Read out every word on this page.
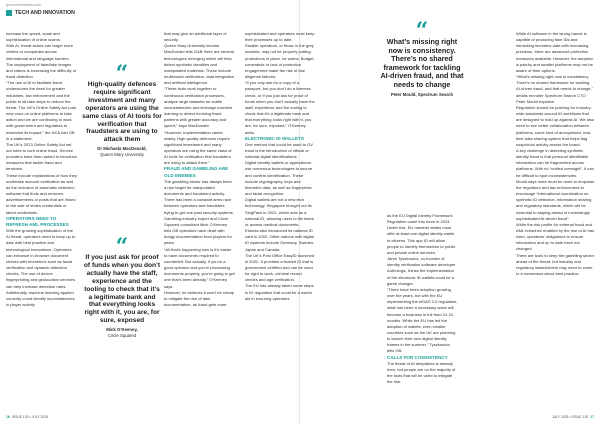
governmentnews.com
TECH AND INNOVATION

increase the speed, scale and sophistication of online scams.

With AI, threat actors can target more victims or companies across international and language barriers. The deployment of fake/fake images and videos is increasing the difficulty of fraud detection.

“The use of AI to facilitate fraud underscores the need for greater industries, law enforcement and the public to all take steps to reduce the threat. The UK’s Online Safety Act puts new onus on online platforms to take action and we are continuing to work with government and regulators to maximise its impact,” the NCA told GB in a statement.

The UK’s 2023 Online Safety Act set out rules to curb online fraud. Service providers have been asked to introduce measures that tackle fraud and terrorism.

These include explanations of how they undertake account verification as well as the inclusion of automatic detection software that finds and removes advertisements or posts that are linked to the sale of stolen credentials or faked credentials.

OPERATORS NEED TO REFRESH AML PROCESSES

With the growing sophistication of the AI threat, operators need to keep up to date with best practice and technological innovations. Operators can enhance in-browser document checks with biometrics such as facial verification and dynamic detection checks. The use of device fingerprinting and geolocation services can help increase detection rates.

Additionally, machine learning applied correctly could identify inconsistencies in player activity

“
High-quality defences require significant investment and many operators are using the same class of AI tools for verification that fraudsters are using to attack them
Dr Michaela MacDonald,
Queen Mary University
“
If you just ask for proof of funds when you don’t actually have the staff, experience and the tooling to check that it’s a legitimate bank and that everything looks right with it, you are, for sure, exposed
Mick O’Keeney,
Circle Squared

that may give an additional layer of security.

Queen Mary University lecturer MacDonald tells G&B there are several technologies emerging which will help detect synthetic identities and manipulated materials. These include multimodal verification, data integration and artificial intelligence.

“These tools work together to continuous verification processes, analyse large datasets for subtle inconsistencies and leverage machine learning to detect evolving fraud patterns with greater accuracy and speed,” says MacDonald.

“However, implementation varies widely. High-quality defences require significant investment and many operators are using the same class of AI tools for verification that fraudsters are using to attack them.”

FRAUD AND GAMBLING ARE OLD ENEMIES

The gambling sector has always been a ripe target for manipulated documents and fraudulent activity. There has been a constant arms race between operators and fraudsters trying to get one past security systems.

Gambling industry expert and Circle Squared consultant Mick O’Keeney tells GB operators have dealt with dodgy documentation from players for years.

“All that’s happening now is it’s easier to have documents required to counterfeit. But actually, if you’re a good operator and you’re processing documents properly, you’re going to get one that’s been already,” O’Keeney says.

However, he believes it won’t be cheap to mitigate the rise of fake documentation, as fraud gets more

sophisticated and operators must keep their processes up to date.

Smaller operators, or those in the grey markets, may not be properly putting protections in place, he warns. Budget constraints or lack of protection engagement make the risk of due diligence failures.

“If you only ask for a copy of a passport, but you don’t do a liveness check, or if you just ask for proof of funds when you don’t actually have the staff, experience and the tooling to check that it’s a legitimate bank and that everything looks right with it, you are, for sure, exposed,” O’Keeney adds.

ELECTRONIC ID WALLETS

One method that could be used to GV fraud is the introduction of official or national digital identifications.

Digital identity wallets or applications use numerous technologies to secure and confirm identification. These include cryptography, keys and biometric data, as well as fingerprints and facial recognition.

Digital wallets are not a new tech technology. Singapore brought out its SingPass in 2022, which acts as a national ID, allowing users to file taxes or access medical documents.

Estonia also introduced its national ID card in 2002. Other nations with digital ID systems include Germany, Sweden, Japan and Canada.

The UK’s Post Office EasyID launched in 2022. It provides a trusted ID that is government certified and can be used for right to work, criminal record checks and age verification.

The EU has already taken some steps in ID regulation that could be a useful aid in ensuring operators

as the EU Digital Identity Framework Regulation came into force in 2024.

Under this, EU member states must offer at least one digital identity wallet to citizens. This app ID will allow people to identify themselves to public and private online services.

Jarek Tyszkowicz, co-founder of identity verification software developer Authologic, thinks the implementation of the electronic ID wallets could be a game changer.

“There have been adoption growing over the years, but with the EU implementing the eIDAS 2.0 regulation, what has been a necessary wave will become a business in full from 12-24 months. While the EU has led the adoption of wallets, even smaller countries such as the UK are planning to launch their own digital identity frames in the summer,” Tyszkowicz tells GB.

CALLS FOR CONSISTENCY

The threat of AI deepfakes is already here, but people are on the majority of the tools that will be used to mitigate the risk.

“
What’s missing right now is consistency. There’s no shared framework for tackling AI-driven fraud, and that needs to change
Peter Mould, Spectrum Search

While AI software in the wrong hands is capable of producing fake IDs and mimicking biometric data with increasing precision, there are advanced protection measures available. However, the adoption is patchy and smaller platforms may not be aware of their options.

“What’s missing right now is consistency. There’s no shared framework for tackling AI-driven fraud, and that needs to change,” details recruiter Spectrum Search CTO Peter Mould explains.

Regulation should be pushing for industry-wide standards around ID workflows that are designed to hold up against AI. We also need to see better collaboration between platforms, some kind of anonymised, real-time data sharing system that helps flag suspicious activity across the board.

A key challenge in detecting synthetic identity fraud is that personal identifiable information can be fragmented across platforms. With no “unified oversight”, it can be difficult to spot inconsistencies.

Mould says more must be done to empower the regulators and law enforcement to encourage “international coordination on synthetic ID detection, information sharing and regulatory standards, which will be essential to staying ahead of increasingly sophisticated AI-driven fraud”.

While the risk profile for external fraud and AML breaches enabled by the rise of AI has risen, operators’ obligations to ensure information and up to date have not changed.

There are tools to keep the gambling sector ahead of the threat, but industry and regulatory stakeholders may need to come to a consensus about best practice.

16 ISSUE 130 • JULY 2025	JULY 2025 • ISSUE 130 17
